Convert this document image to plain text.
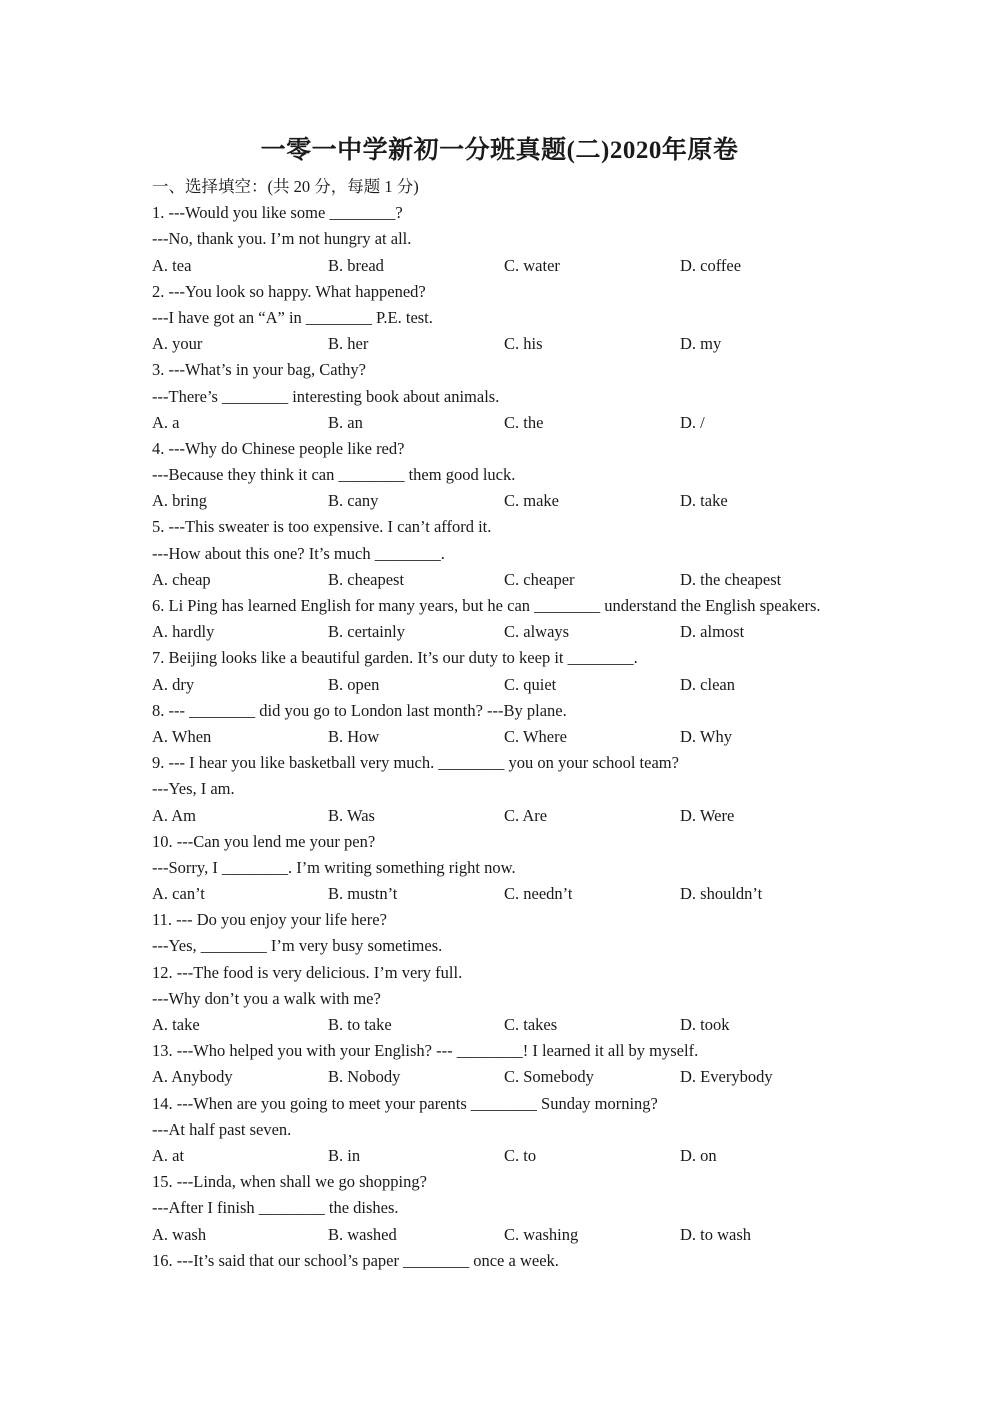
一零一中学新初一分班真题(二)2020年原卷
一、选择填空：(共 20 分，每题 1 分)
1. ---Would you like some ________?
---No, thank you. I’m not hungry at all.
A. tea	B. bread	C. water	D. coffee
2. ---You look so happy. What happened?
---I have got an “A” in ________ P.E. test.
A. your	B. her	C. his	D. my
3. ---What’s in your bag, Cathy?
---There’s ________ interesting book about animals.
A. a	B. an	C. the	D. /
4. ---Why do Chinese people like red?
---Because they think it can ________ them good luck.
A. bring	B. cany	C. make	D. take
5. ---This sweater is too expensive. I can’t afford it.
---How about this one? It’s much ________.
A. cheap	B. cheapest	C. cheaper	D. the cheapest
6. Li Ping has learned English for many years, but he can ________ understand the English speakers.
A. hardly	B. certainly	C. always	D. almost
7. Beijing looks like a beautiful garden. It’s our duty to keep it ________.
A. dry	B. open	C. quiet	D. clean
8. --- ________ did you go to London last month? ---By plane.
A. When	B. How	C. Where	D. Why
9. --- I hear you like basketball very much. ________ you on your school team?
---Yes, I am.
A. Am	B. Was	C. Are	D. Were
10. ---Can you lend me your pen?
---Sorry, I ________. I’m writing something right now.
A. can’t	B. mustn’t	C. needn’t	D. shouldn’t
11. --- Do you enjoy your life here?
---Yes, ________ I’m very busy sometimes.
12. ---The food is very delicious. I’m very full.
---Why don’t you a walk with me?
A. take	B. to take	C. takes	D. took
13. ---Who helped you with your English? --- ________! I learned it all by myself.
A. Anybody	B. Nobody	C. Somebody	D. Everybody
14. ---When are you going to meet your parents ________ Sunday morning?
---At half past seven.
A. at	B. in	C. to	D. on
15. ---Linda, when shall we go shopping?
---After I finish ________ the dishes.
A. wash	B. washed	C. washing	D. to wash
16. ---It’s said that our school’s paper ________ once a week.
